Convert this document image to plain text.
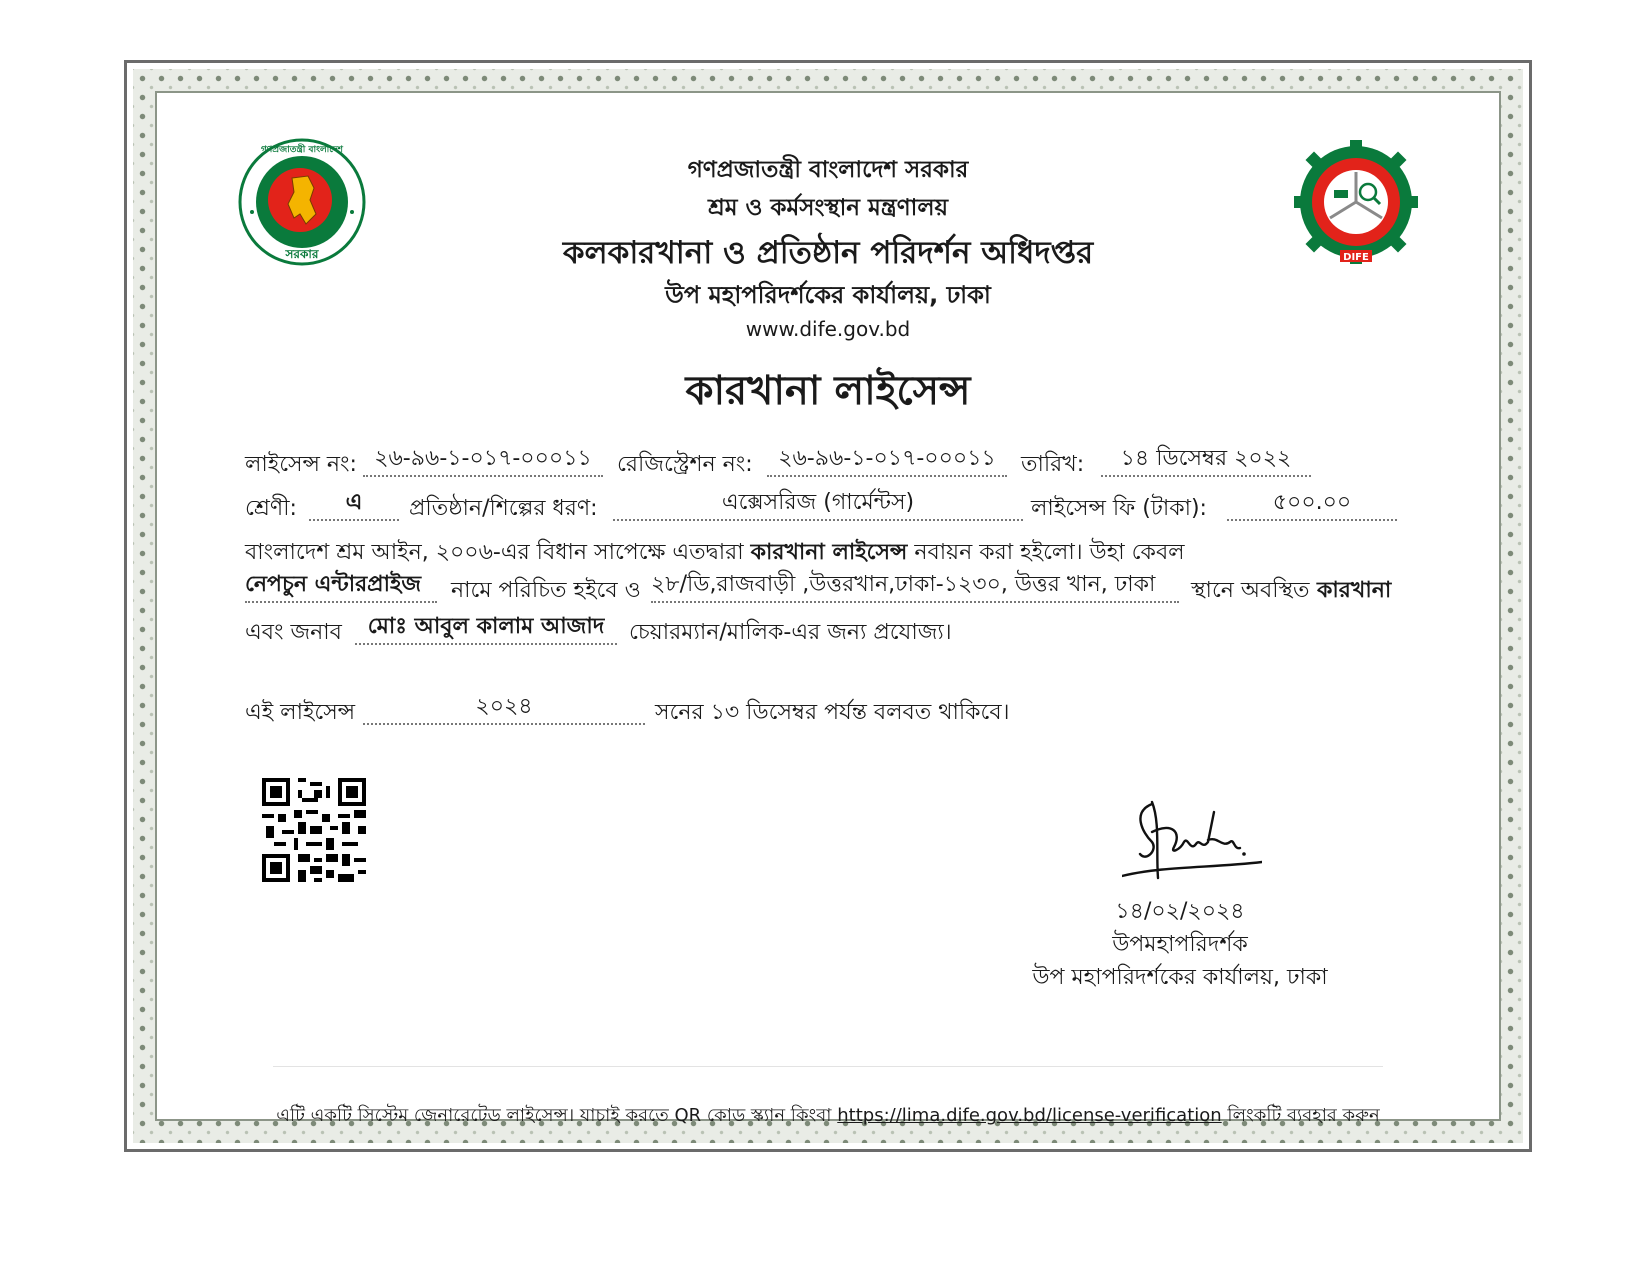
গণপ্রজাতন্ত্রী বাংলাদেশ সরকার
শ্রম ও কর্মসংস্থান মন্ত্রণালয়
কলকারখানা ও প্রতিষ্ঠান পরিদর্শন অধিদপ্তর
উপ মহাপরিদর্শকের কার্যালয়, ঢাকা
www.dife.gov.bd
কারখানা লাইসেন্স
লাইসেন্স নং: ২৬-৯৬-১-০১৭-০০০১১	রেজিস্ট্রেশন নং:	২৬-৯৬-১-০১৭-০০০১১	তারিখ:	১৪ ডিসেম্বর ২০২২
শ্রেণী:	এ	প্রতিষ্ঠান/শিল্পের ধরণ:	এক্সেসরিজ (গার্মেন্টস)	লাইসেন্স ফি (টাকা):	৫০০.০০
বাংলাদেশ শ্রম আইন, ২০০৬-এর বিধান সাপেক্ষে এতদ্বারা কারখানা লাইসেন্স নবায়ন করা হইলো। উহা কেবল
নেপচুন এন্টারপ্রাইজ	নামে পরিচিত হইবে ও ২৮/ডি,রাজবাড়ী ,উত্তরখান,ঢাকা-১২৩০, উত্তর খান, ঢাকা	স্থানে অবস্থিত কারখানা
এবং জনাব	মোঃ আবুল কালাম আজাদ	চেয়ারম্যান/মালিক-এর জন্য প্রযোজ্য।
এই লাইসেন্স	২০২৪	সনের ১৩ ডিসেম্বর পর্যন্ত বলবত থাকিবে।
এটি একটি সিস্টেম জেনারেটেড লাইসেন্স। যাচাই করতে QR কোড স্ক্যান কিংবা https://lima.dife.gov.bd/license-verification লিংকটি ব্যবহার করুন
সরকার
গণপ্রজাতন্ত্রী বাংলাদেশ
DIFE
১৪/০২/২০২৪
উপমহাপরিদর্শক
উপ মহাপরিদর্শকের কার্যালয়, ঢাকা
